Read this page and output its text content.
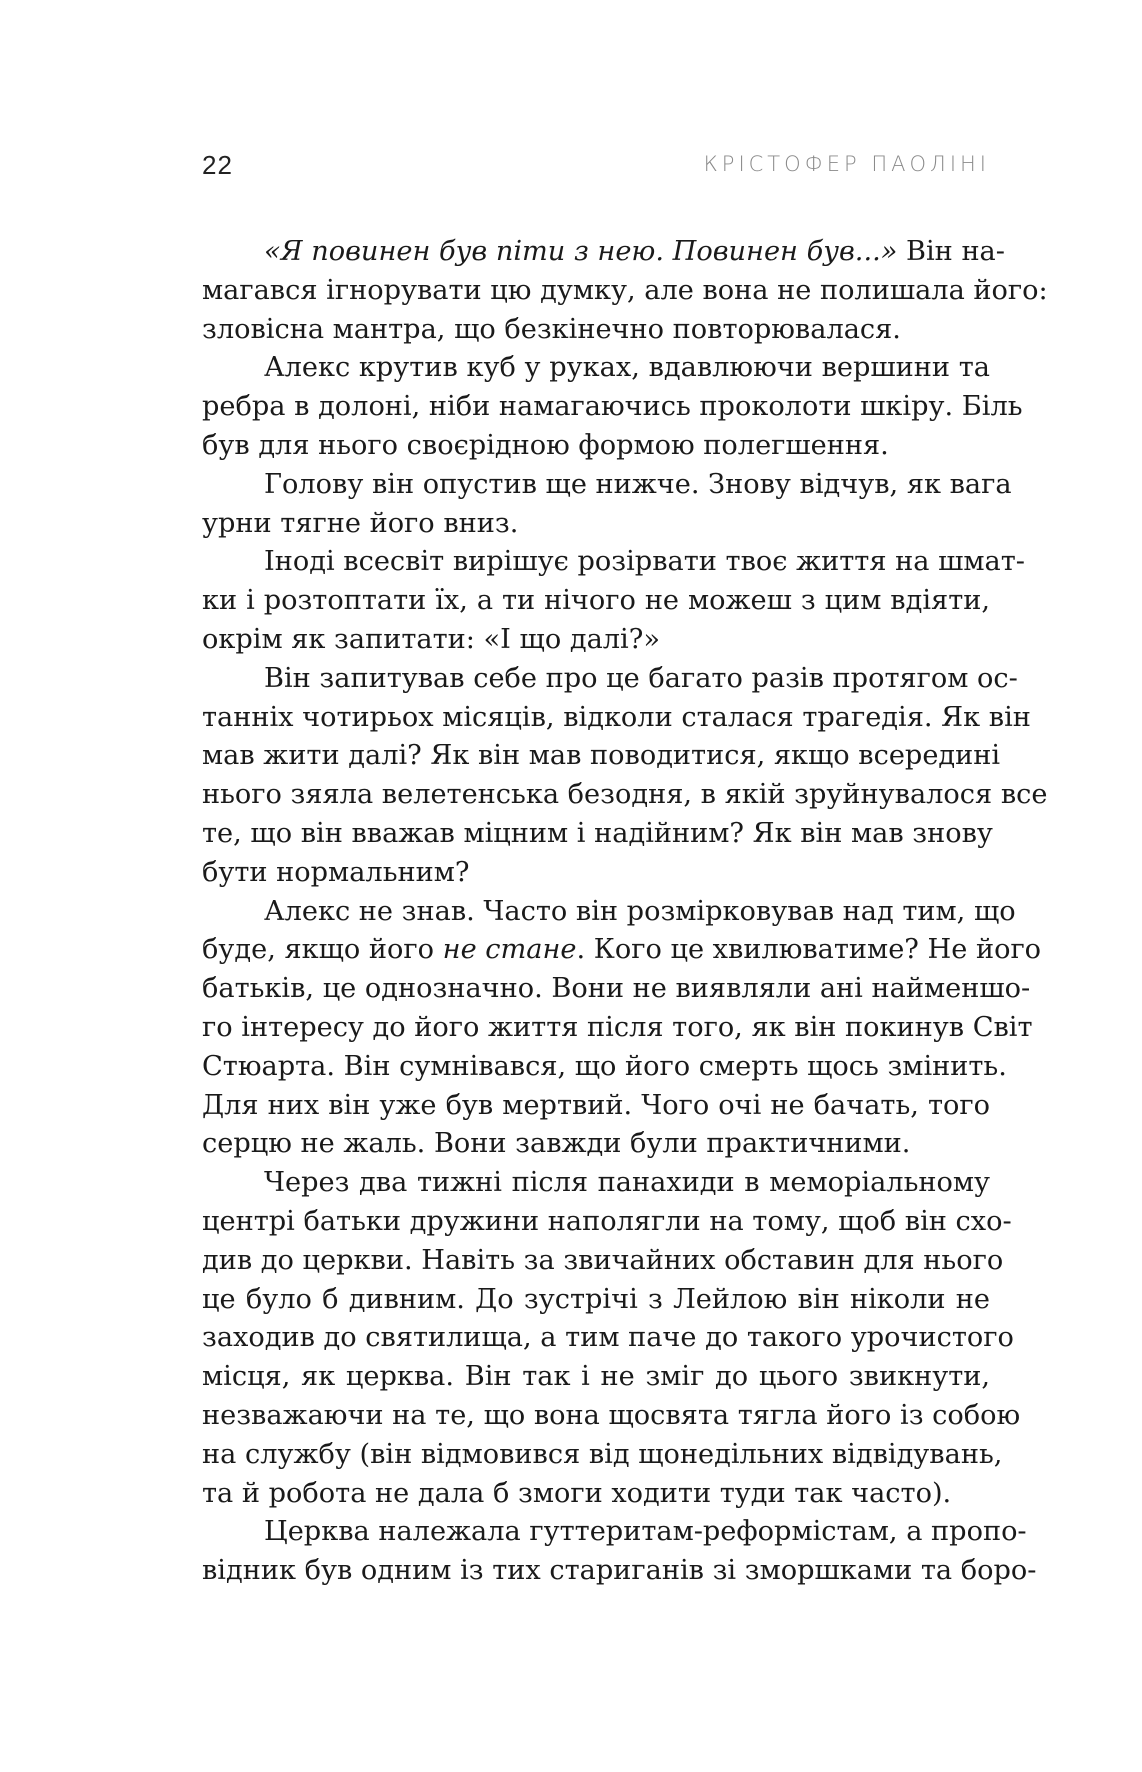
22	КРІСТОФЕР ПАОЛІНІ
«Я повинен був піти з нею. Повинен був...» Він на-
магався ігнорувати цю думку, але вона не полишала його:
зловісна мантра, що безкінечно повторювалася.
Алекс крутив куб у руках, вдавлюючи вершини та
ребра в долоні, ніби намагаючись проколоти шкіру. Біль
був для нього своєрідною формою полегшення.
Голову він опустив ще нижче. Знову відчув, як вага
урни тягне його вниз.
Іноді всесвіт вирішує розірвати твоє життя на шмат-
ки і розтоптати їх, а ти нічого не можеш з цим вдіяти,
окрім як запитати: «І що далі?»
Він запитував себе про це багато разів протягом ос-
танніх чотирьох місяців, відколи сталася трагедія. Як він
мав жити далі? Як він мав поводитися, якщо всередині
нього зяяла велетенська безодня, в якій зруйнувалося все
те, що він вважав міцним і надійним? Як він мав знову
бути нормальним?
Алекс не знав. Часто він розмірковував над тим, що
буде, якщо його не стане. Кого це хвилюватиме? Не його
батьків, це однозначно. Вони не виявляли ані найменшо-
го інтересу до його життя після того, як він покинув Світ
Стюарта. Він сумнівався, що його смерть щось змінить.
Для них він уже був мертвий. Чого очі не бачать, того
серцю не жаль. Вони завжди були практичними.
Через два тижні після панахиди в меморіальному
центрі батьки дружини наполягли на тому, щоб він схо-
див до церкви. Навіть за звичайних обставин для нього
це було б дивним. До зустрічі з Лейлою він ніколи не
заходив до святилища, а тим паче до такого урочистого
місця, як церква. Він так і не зміг до цього звикнути,
незважаючи на те, що вона щосвята тягла його із собою
на службу (він відмовився від щонедільних відвідувань,
та й робота не дала б змоги ходити туди так часто).
Церква належала гуттеритам-реформістам, а пропо-
відник був одним із тих стариганів зі зморшками та боро-
